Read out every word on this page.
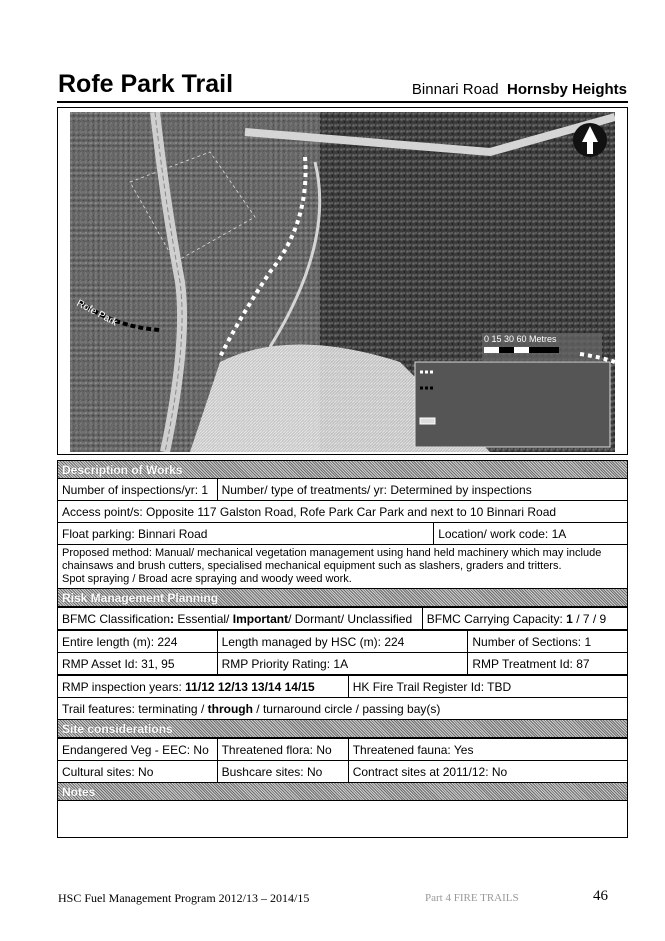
Rofe Park Trail	Binnari Road Hornsby Heights
Rofe Park
0 15 30 60 Metres
Description of Works		
Number of inspections/yr: 1	Number/ type of treatments/ yr: Determined by inspections	
Access point/s: Opposite 117 Galston Road, Rofe Park Car Park and next to 10 Binnari Road		
Float parking: Binnari Road		Location/ work code: 1A

Proposed method: Manual/ mechanical vegetation management using hand held machinery which may include
chainsaws and brush cutters, specialised mechanical equipment such as slashers, graders and tritters.
Spot spraying / Broad acre spraying and woody weed work.		

Risk Management Planning		
BFMC Classification: Essential/ Important/ Dormant/ Unclassified	BFMC Carrying Capacity: 1 / 7 / 9
Entire length (m): 224	Length managed by HSC (m): 224	Number of Sections: 1
RMP Asset Id: 31, 95	RMP Priority Rating: 1A	RMP Treatment Id: 87
RMP inspection years: 11/12 12/13 13/14 14/15	HK Fire Trail Register Id: TBD
Trail features: terminating / through / turnaround circle / passing bay(s)
Site considerations
Endangered Veg - EEC: No	Threatened flora: No	Threatened fauna: Yes
Cultural sites: No	Bushcare sites: No	Contract sites at 2011/12: No
Notes		

HSC Fuel Management Program 2012/13 – 2014/15	Part 4 FIRE TRAILS	46
